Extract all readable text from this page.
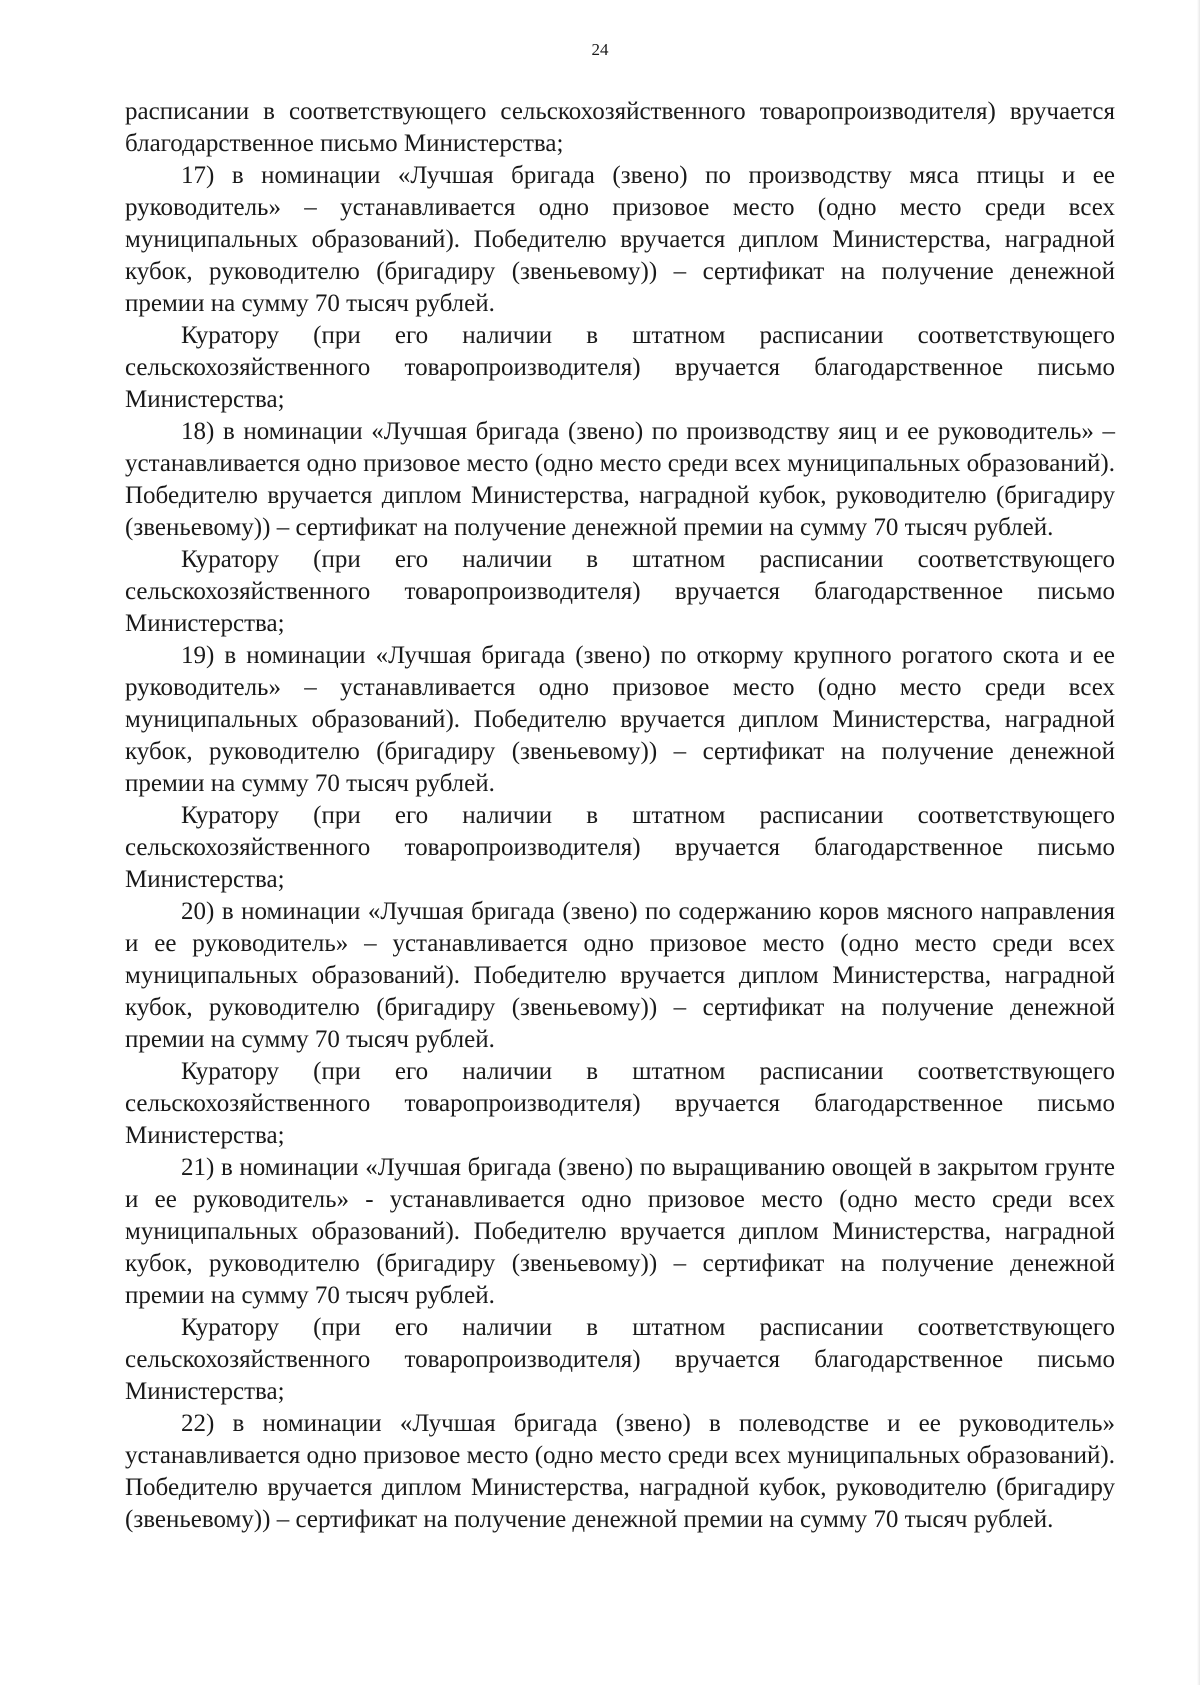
24

расписании в соответствующего сельскохозяйственного товаропроизводителя) вручается благодарственное письмо Министерства;

17) в номинации «Лучшая бригада (звено) по производству мяса птицы и ее руководитель» – устанавливается одно призовое место (одно место среди всех муниципальных образований). Победителю вручается диплом Министерства, наградной кубок, руководителю (бригадиру (звеньевому)) – сертификат на получение денежной премии на сумму 70 тысяч рублей.

Куратору (при его наличии в штатном расписании соответствующего сельскохозяйственного товаропроизводителя) вручается благодарственное письмо Министерства;

18) в номинации «Лучшая бригада (звено) по производству яиц и ее руководитель» – устанавливается одно призовое место (одно место среди всех муниципальных образований). Победителю вручается диплом Министерства, наградной кубок, руководителю (бригадиру (звеньевому)) – сертификат на получение денежной премии на сумму 70 тысяч рублей.

Куратору (при его наличии в штатном расписании соответствующего сельскохозяйственного товаропроизводителя) вручается благодарственное письмо Министерства;

19) в номинации «Лучшая бригада (звено) по откорму крупного рогатого скота и ее руководитель» – устанавливается одно призовое место (одно место среди всех муниципальных образований). Победителю вручается диплом Министерства, наградной кубок, руководителю (бригадиру (звеньевому)) – сертификат на получение денежной премии на сумму 70 тысяч рублей.

Куратору (при его наличии в штатном расписании соответствующего сельскохозяйственного товаропроизводителя) вручается благодарственное письмо Министерства;

20) в номинации «Лучшая бригада (звено) по содержанию коров мясного направления и ее руководитель» – устанавливается одно призовое место (одно место среди всех муниципальных образований). Победителю вручается диплом Министерства, наградной кубок, руководителю (бригадиру (звеньевому)) – сертификат на получение денежной премии на сумму 70 тысяч рублей.

Куратору (при его наличии в штатном расписании соответствующего сельскохозяйственного товаропроизводителя) вручается благодарственное письмо Министерства;

21) в номинации «Лучшая бригада (звено) по выращиванию овощей в закрытом грунте и ее руководитель» - устанавливается одно призовое место (одно место среди всех муниципальных образований). Победителю вручается диплом Министерства, наградной кубок, руководителю (бригадиру (звеньевому)) – сертификат на получение денежной премии на сумму 70 тысяч рублей.

Куратору (при его наличии в штатном расписании соответствующего сельскохозяйственного товаропроизводителя) вручается благодарственное письмо Министерства;

22) в номинации «Лучшая бригада (звено) в полеводстве и ее руководитель» устанавливается одно призовое место (одно место среди всех муниципальных образований). Победителю вручается диплом Министерства, наградной кубок, руководителю (бригадиру (звеньевому)) – сертификат на получение денежной премии на сумму 70 тысяч рублей.
